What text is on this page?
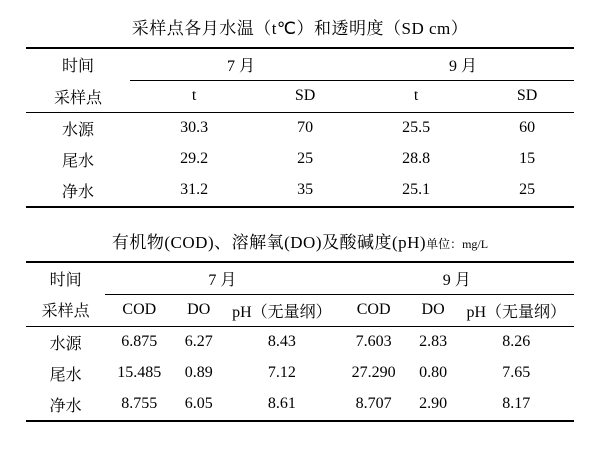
采样点各月水温（t℃）和透明度（SD cm）
时间	7 月		9 月	
采样点	t	SD	t	SD
水源	30.3	70	25.5	60
尾水	29.2	25	28.8	15
净水	31.2	35	25.1	25
有机物(COD)、溶解氧(DO)及酸碱度(pH)单位：mg/L
时间	7 月			9 月		
采样点	COD	DO	pH（无量纲）	COD	DO	pH（无量纲）
水源	6.875	6.27	8.43	7.603	2.83	8.26
尾水	15.485	0.89	7.12	27.290	0.80	7.65
净水	8.755	6.05	8.61	8.707	2.90	8.17
